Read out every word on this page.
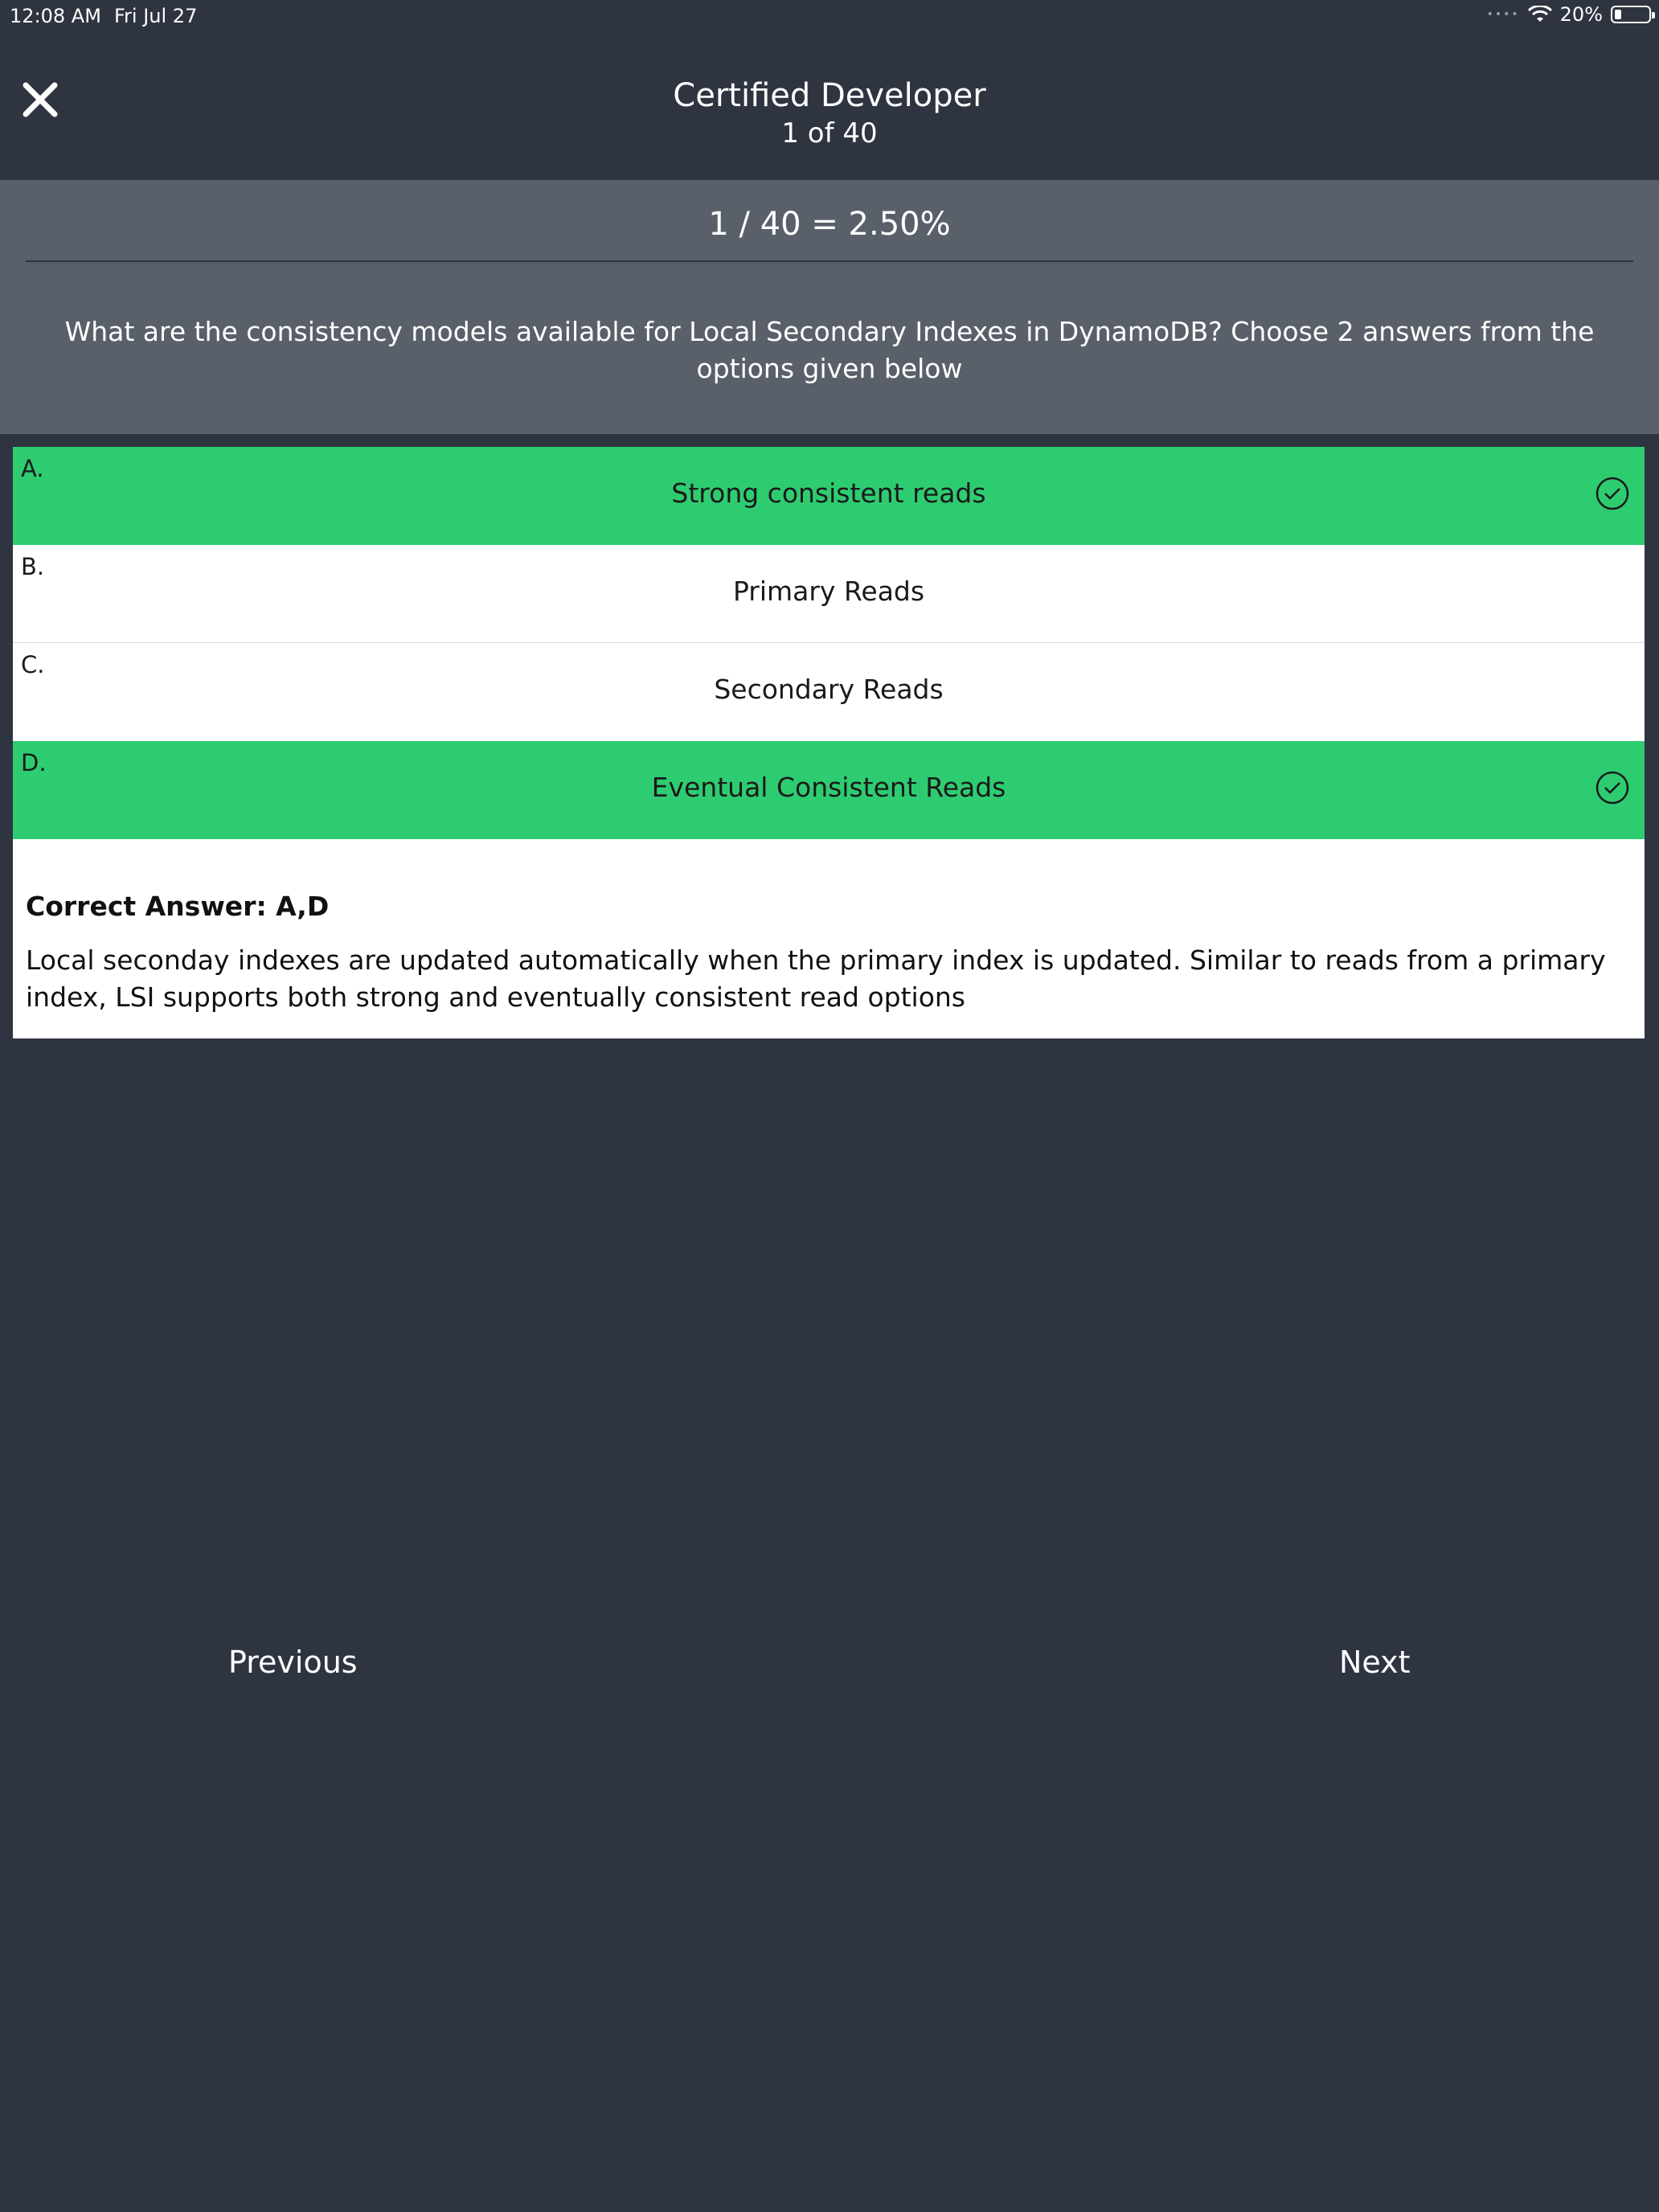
12:08 AM Fri Jul 27	•••• 20%
Certified Developer
1 of 40
1 / 40 = 2.50%
What are the consistency models available for Local Secondary Indexes in DynamoDB? Choose 2 answers from the options given below
A.
Strong consistent reads
B.
Primary Reads
C.
Secondary Reads
D.
Eventual Consistent Reads
Correct Answer: A,D
Local seconday indexes are updated automatically when the primary index is updated. Similar to reads from a primary index, LSI supports both strong and eventually consistent read options
Previous	Next
